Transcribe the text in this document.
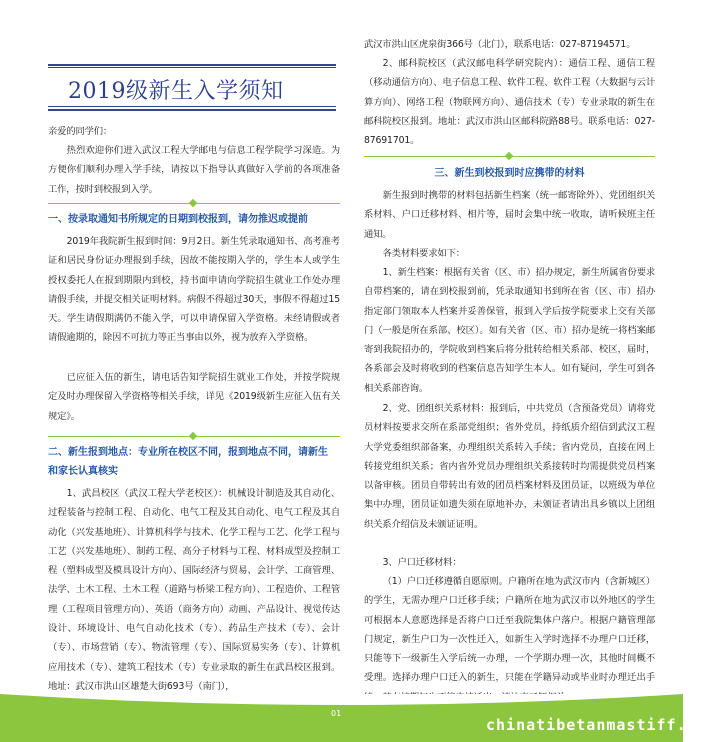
2019级新生入学须知

亲爱的同学们：

热烈欢迎你们进入武汉工程大学邮电与信息工程学院学习深造。为方便你们顺利办理入学手续，请按以下指导认真做好入学前的各项准备工作，按时到校报到入学。

一、按录取通知书所规定的日期到校报到，请勿推迟或提前

2019年我院新生报到时间：9月2日。新生凭录取通知书、高考准考证和居民身份证办理报到手续，因故不能按期入学的，学生本人或学生授权委托人在报到期限内到校，持书面申请向学院招生就业工作处办理请假手续，并提交相关证明材料。病假不得超过30天，事假不得超过15天。学生请假期满仍不能入学，可以申请保留入学资格。未经请假或者请假逾期的，除因不可抗力等正当事由以外，视为放弃入学资格。

已应征入伍的新生，请电话告知学院招生就业工作处，并按学院规定及时办理保留入学资格等相关手续，详见《2019级新生应征入伍有关规定》。

二、新生报到地点：专业所在校区不同，报到地点不同，请新生
和家长认真核实

1、武昌校区（武汉工程大学老校区）：机械设计制造及其自动化、过程装备与控制工程、自动化、电气工程及其自动化、电气工程及其自动化（兴发基地班）、计算机科学与技术、化学工程与工艺、化学工程与工艺（兴发基地班）、制药工程、高分子材料与工程、材料成型及控制工程（塑料成型及模具设计方向）、国际经济与贸易、会计学、工商管理、法学、土木工程、土木工程（道路与桥梁工程方向）、工程造价、工程管理（工程项目管理方向）、英语（商务方向）动画、产品设计、视觉传达设计、环境设计、电气自动化技术（专）、药品生产技术（专）、会计（专）、市场营销（专）、物流管理（专）、国际贸易实务（专）、计算机应用技术（专）、建筑工程技术（专）专业录取的新生在武昌校区报到。地址：武汉市洪山区雄楚大街693号（南门），

武汉市洪山区虎泉街366号（北门），联系电话：027-87194571。

2、邮科院校区（武汉邮电科学研究院内）：通信工程、通信工程（移动通信方向）、电子信息工程、软件工程、软件工程（大数据与云计算方向）、网络工程（物联网方向）、通信技术（专）专业录取的新生在邮科院校区报到。地址：武汉市洪山区邮科院路88号。联系电话：027-87691701。

三、新生到校报到时应携带的材料

新生报到时携带的材料包括新生档案（统一邮寄除外）、党团组织关系材料、户口迁移材料、相片等，届时会集中统一收取，请听候班主任通知。

各类材料要求如下：

1、新生档案：根据有关省（区、市）招办规定，新生所属省份要求自带档案的，请在到校报到前，凭录取通知书到所在省（区、市）招办指定部门领取本人档案并妥善保管，报到入学后按学院要求上交有关部门（一般是所在系部、校区）。如有关省（区、市）招办是统一将档案邮寄到我院招办的，学院收到档案后将分批转给相关系部、校区，届时，各系部会及时将收到的档案信息告知学生本人。如有疑问，学生可到各相关系部咨询。

2、党、团组织关系材料：报到后，中共党员（含预备党员）请将党员材料按要求交所在系部党组织；省外党员，持纸质介绍信到武汉工程大学党委组织部备案，办理组织关系转入手续；省内党员，直接在网上转接党组织关系；省内省外党员办理组织关系接转时均需提供党员档案以备审核。团员自带转出有效的团员档案材料及团员证，以班级为单位集中办理，团员证如遗失须在原地补办，未颁证者请出具乡镇以上团组织关系介绍信及未颁证证明。

3、户口迁移材料：

（1）户口迁移遵循自愿原则。户籍所在地为武汉市内（含新城区）的学生，无需办理户口迁移手续；户籍所在地为武汉市以外地区的学生可根据本人意愿选择是否将户口迁至我院集体户落户。根据户籍管理部门规定，新生户口为一次性迁入，如新生入学时选择不办理户口迁移，只能等下一级新生入学后统一办理，一个学期办理一次，其他时间概不受理。选择办理户口迁入的新生，只能在学籍异动或毕业时办理迁出手

01
chinatibetanmastiff.com
